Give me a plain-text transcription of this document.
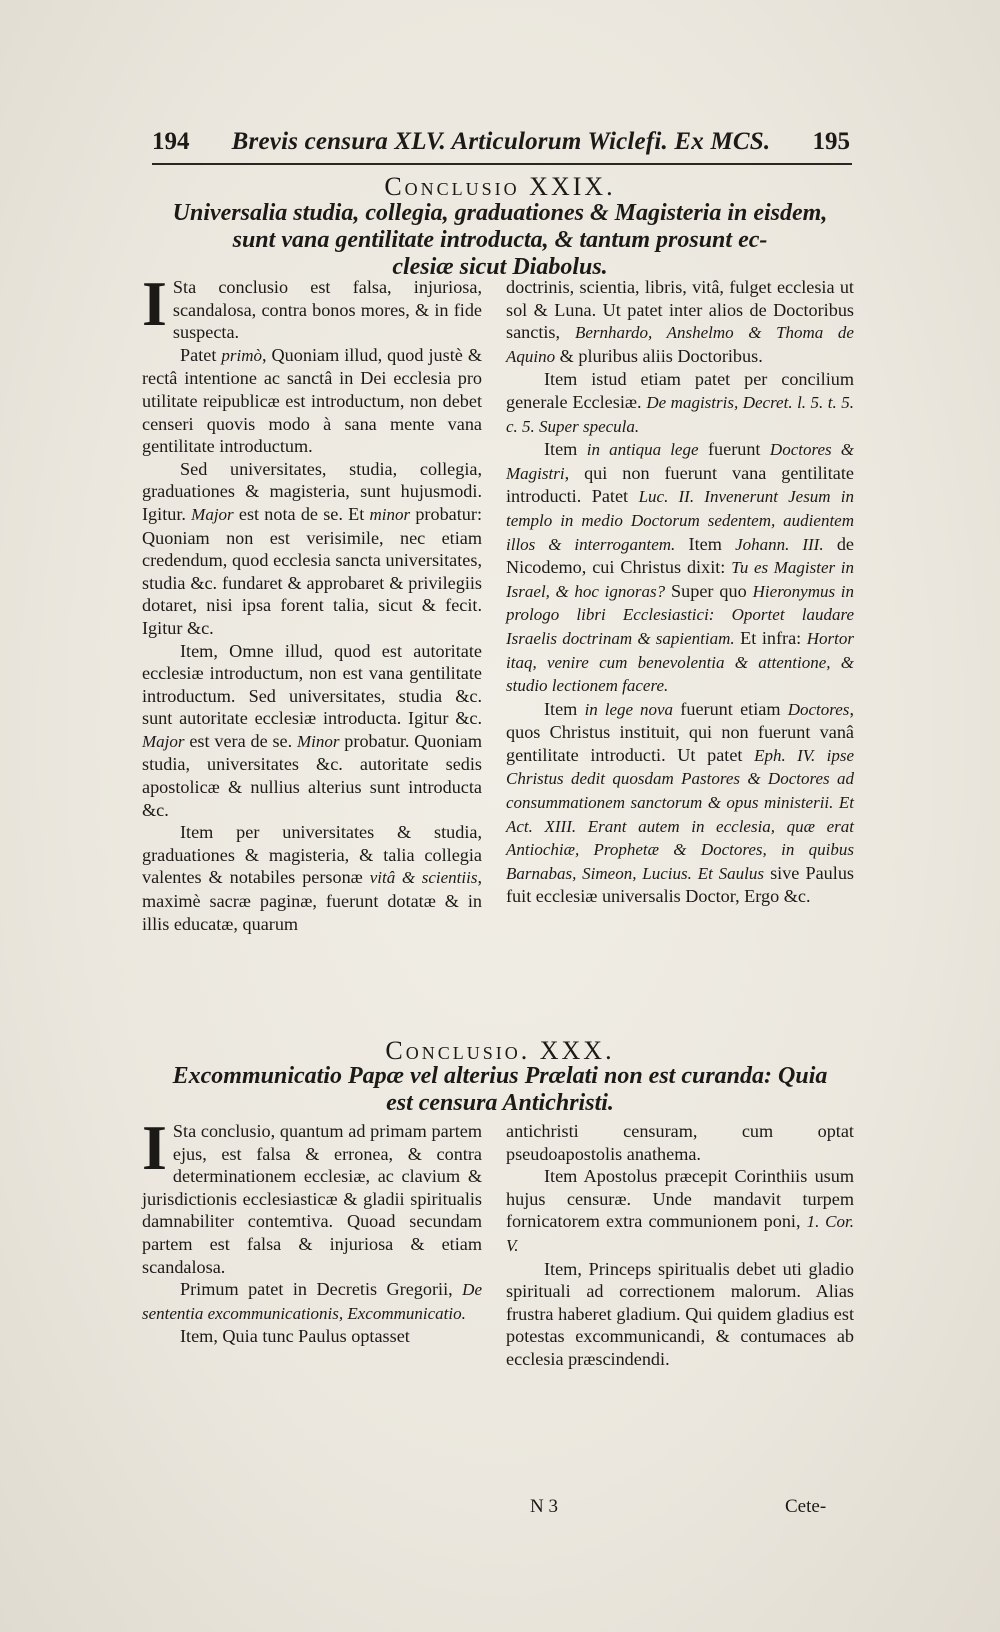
194 Brevis censura XLV. Articulorum Wiclefi. Ex MCS. 195
Conclusio XXIX.
Universalia studia, collegia, graduationes & Magisteria in eisdem,
sunt vana gentilitate introducta, & tantum prosunt ec-
clesiæ sicut Diabolus.

I Sta conclusio est falsa, injuriosa, scandalosa, contra bonos mores, & in fide suspecta.

Patet primò, Quoniam illud, quod justè & rectâ intentione ac sanctâ in Dei ecclesia pro utilitate reipublicæ est introductum, non debet censeri quovis modo à sana mente vana gentilitate introductum.

Sed universitates, studia, collegia, graduationes & magisteria, sunt hujusmodi. Igitur. Major est nota de se. Et minor probatur: Quoniam non est verisimile, nec etiam credendum, quod ecclesia sancta universitates, studia &c. fundaret & approbaret & privilegiis dotaret, nisi ipsa forent talia, sicut & fecit. Igitur &c.

Item, Omne illud, quod est autoritate ecclesiæ introductum, non est vana gentilitate introductum. Sed universitates, studia &c. sunt autoritate ecclesiæ introducta. Igitur &c. Major est vera de se. Minor probatur. Quoniam studia, universitates &c. autoritate sedis apostolicæ & nullius alterius sunt introducta &c.

Item per universitates & studia, graduationes & magisteria, & talia collegia valentes & notabiles personæ vitâ & scientiis, maximè sacræ paginæ, fuerunt dotatæ & in illis educatæ, quarum

doctrinis, scientia, libris, vitâ, fulget ecclesia ut sol & Luna. Ut patet inter alios de Doctoribus sanctis, Bernhardo, Anshelmo & Thoma de Aquino & pluribus aliis Doctoribus.

Item istud etiam patet per concilium generale Ecclesiæ. De magistris, Decret. l. 5. t. 5. c. 5. Super specula.

Item in antiqua lege fuerunt Doctores & Magistri, qui non fuerunt vana gentilitate introducti. Patet Luc. II. Invenerunt Jesum in templo in medio Doctorum sedentem, audientem illos & interrogantem. Item Johann. III. de Nicodemo, cui Christus dixit: Tu es Magister in Israel, & hoc ignoras? Super quo Hieronymus in prologo libri Ecclesiastici: Oportet laudare Israelis doctrinam & sapientiam. Et infra: Hortor itaq, venire cum benevolentia & attentione, & studio lectionem facere.

Item in lege nova fuerunt etiam Doctores, quos Christus instituit, qui non fuerunt vanâ gentilitate introducti. Ut patet Eph. IV. ipse Christus dedit quosdam Pastores & Doctores ad consummationem sanctorum & opus ministerii. Et Act. XIII. Erant autem in ecclesia, quæ erat Antiochiæ, Prophetæ & Doctores, in quibus Barnabas, Simeon, Lucius. Et Saulus sive Paulus fuit ecclesiæ universalis Doctor, Ergo &c.

Conclusio. XXX.
Excommunicatio Papæ vel alterius Prælati non est curanda: Quia
est censura Antichristi.

I Sta conclusio, quantum ad primam partem ejus, est falsa & erronea, & contra determinationem ecclesiæ, ac clavium & jurisdictionis ecclesiasticæ & gladii spiritualis damnabiliter contemtiva. Quoad secundam partem est falsa & injuriosa & etiam scandalosa.

Primum patet in Decretis Gregorii, De sententia excommunicationis, Excommunicatio.

Item, Quia tunc Paulus optasset

antichristi censuram, cum optat pseudoapostolis anathema.

Item Apostolus præcepit Corinthiis usum hujus censuræ. Unde mandavit turpem fornicatorem extra communionem poni, 1. Cor. V.

Item, Princeps spiritualis debet uti gladio spirituali ad correctionem malorum. Alias frustra haberet gladium. Qui quidem gladius est potestas excommunicandi, & contumaces ab ecclesia præscindendi.

N 3	Cete-
